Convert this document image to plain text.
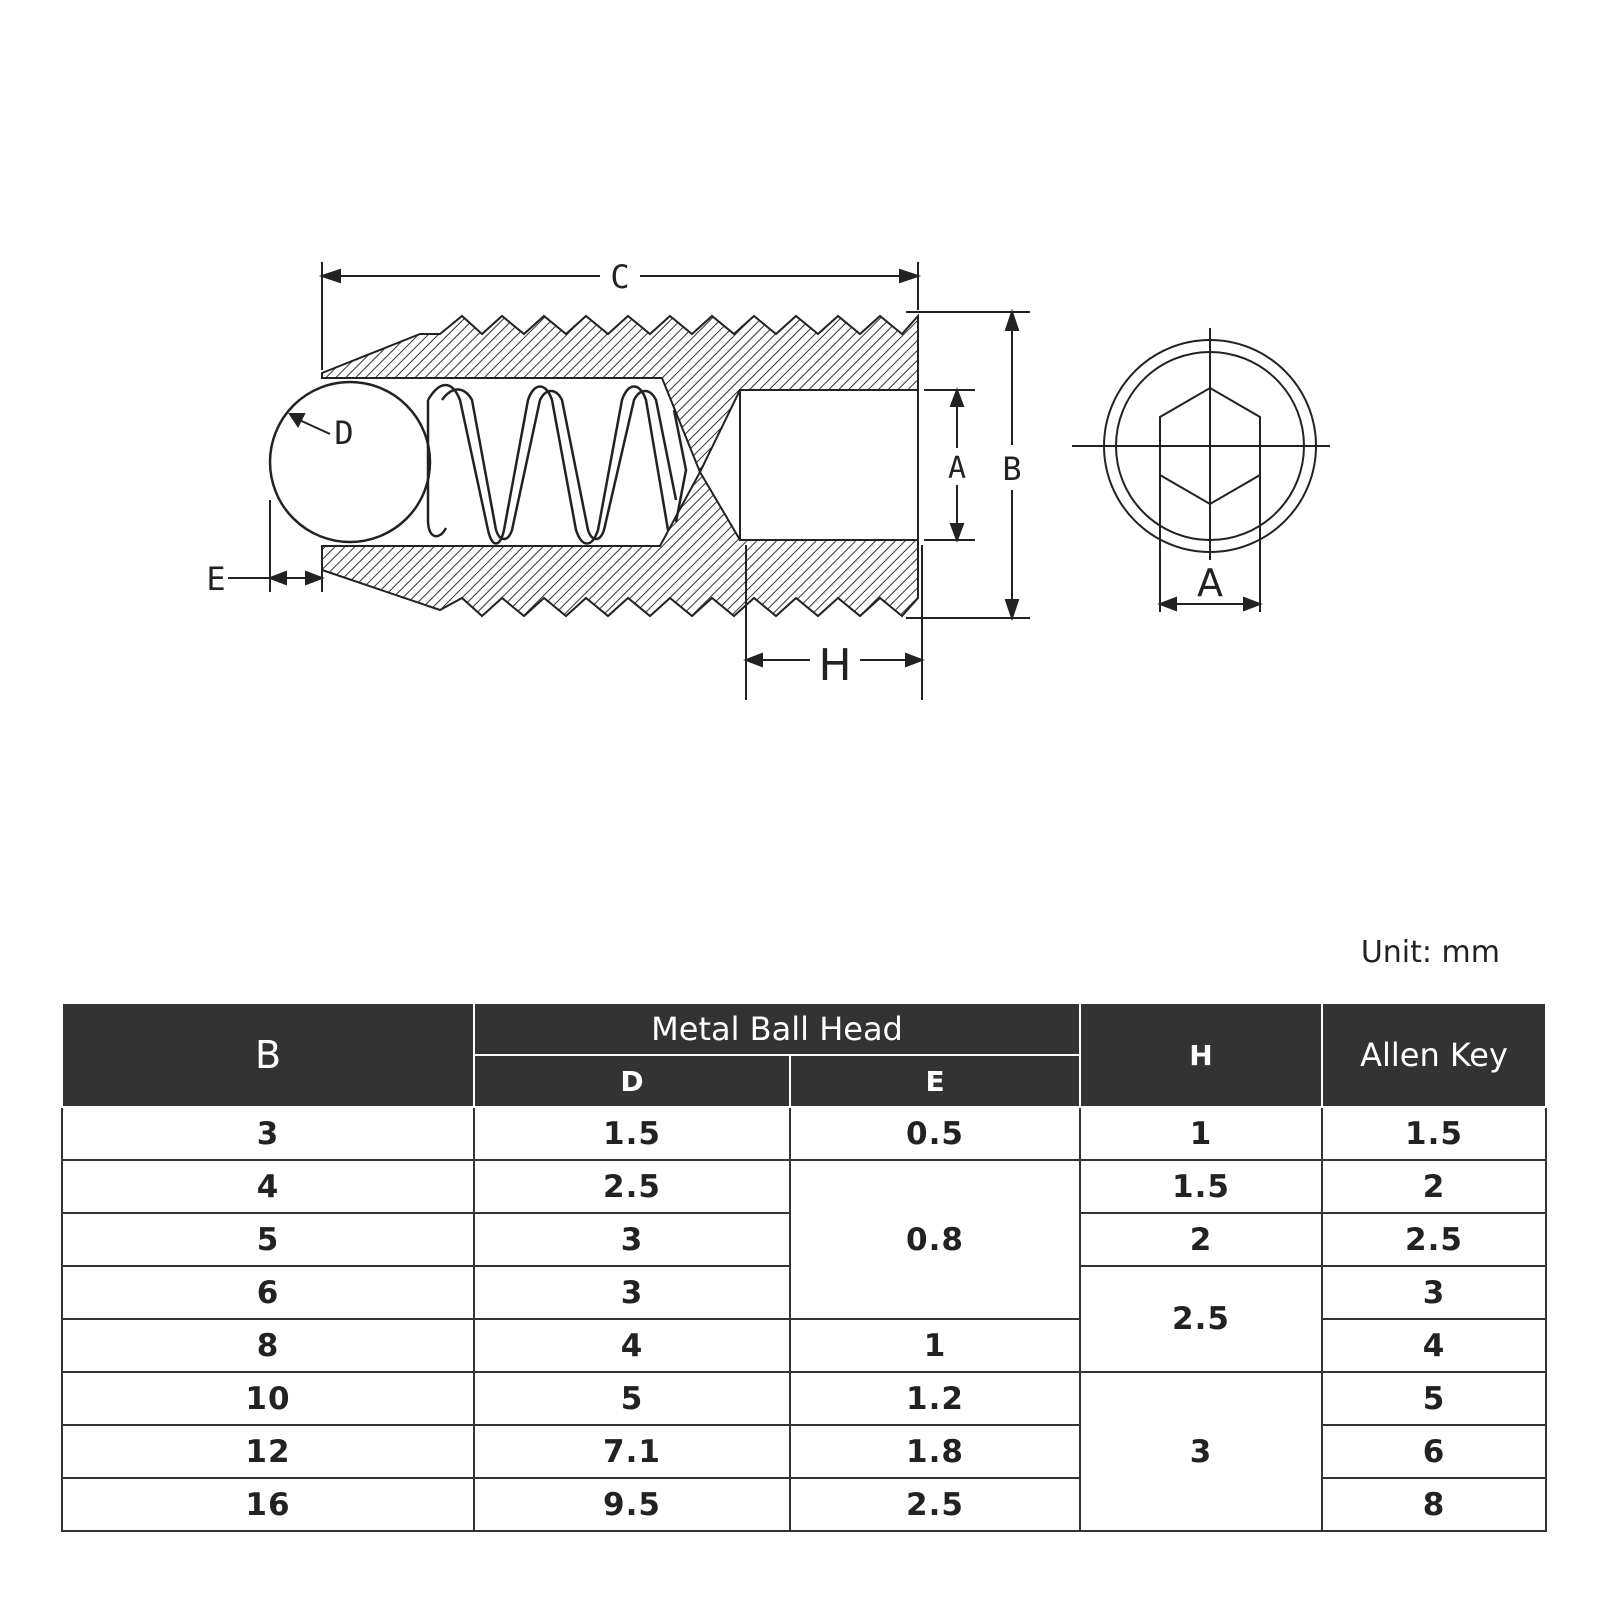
C
D
E
A B
H
A
Unit: mm
B	Metal Ball Head		H	Allen Key
	D	E		
3	1.5	0.5	1	1.5
4	2.5	0.8	1.5	2
5	3		2	2.5
6	3		2.5	3
8	4	1		4
10	5	1.2	3	5
12	7.1	1.8		6
16	9.5	2.5		8
